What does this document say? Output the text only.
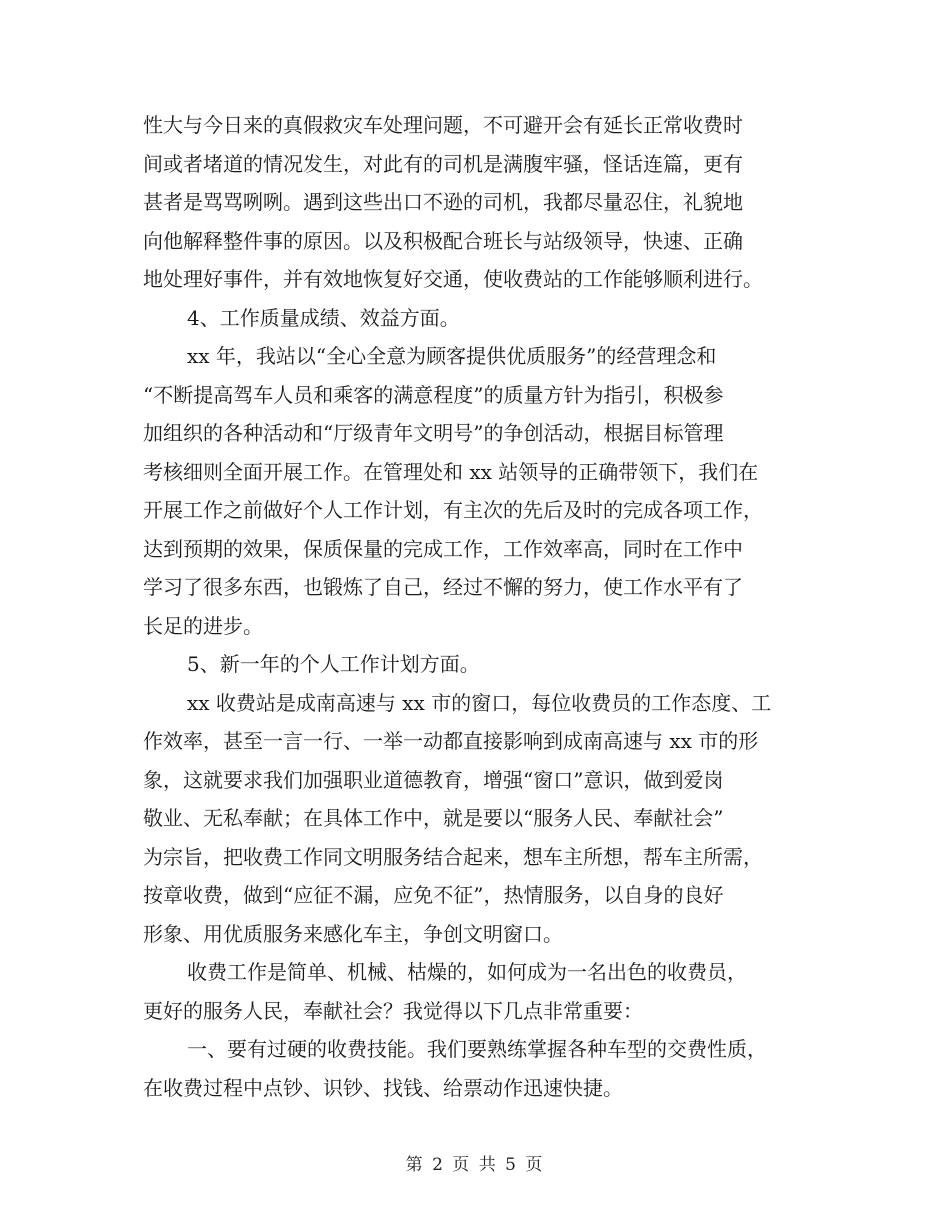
性大与今日来的真假救灾车处理问题，不可避开会有延长正常收费时
间或者堵道的情况发生，对此有的司机是满腹牢骚，怪话连篇，更有
甚者是骂骂咧咧。遇到这些出口不逊的司机，我都尽量忍住，礼貌地
向他解释整件事的原因。以及积极配合班长与站级领导，快速、正确
地处理好事件，并有效地恢复好交通，使收费站的工作能够顺利进行。
4、工作质量成绩、效益方面。
xx 年，我站以“全心全意为顾客提供优质服务”的经营理念和
“不断提高驾车人员和乘客的满意程度”的质量方针为指引，积极参
加组织的各种活动和“厅级青年文明号”的争创活动，根据目标管理
考核细则全面开展工作。在管理处和 xx 站领导的正确带领下，我们在
开展工作之前做好个人工作计划，有主次的先后及时的完成各项工作，
达到预期的效果，保质保量的完成工作，工作效率高，同时在工作中
学习了很多东西，也锻炼了自己，经过不懈的努力，使工作水平有了
长足的进步。
5、新一年的个人工作计划方面。
xx 收费站是成南高速与 xx 市的窗口，每位收费员的工作态度、工
作效率，甚至一言一行、一举一动都直接影响到成南高速与 xx 市的形
象，这就要求我们加强职业道德教育，增强“窗口”意识，做到爱岗
敬业、无私奉献；在具体工作中，就是要以“服务人民、奉献社会”
为宗旨，把收费工作同文明服务结合起来，想车主所想，帮车主所需，
按章收费，做到“应征不漏，应免不征”，热情服务，以自身的良好
形象、用优质服务来感化车主，争创文明窗口。
收费工作是简单、机械、枯燥的，如何成为一名出色的收费员，
更好的服务人民，奉献社会？我觉得以下几点非常重要：
一、要有过硬的收费技能。我们要熟练掌握各种车型的交费性质，
在收费过程中点钞、识钞、找钱、给票动作迅速快捷。
第 2 页 共 5 页
